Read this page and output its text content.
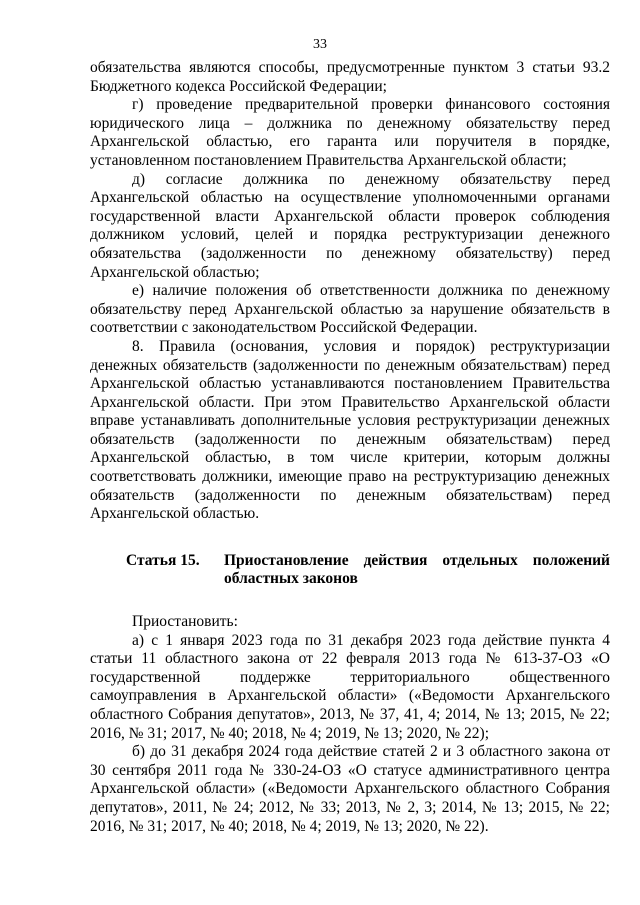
33

обязательства являются способы, предусмотренные пунктом 3 статьи 93.2 Бюджетного кодекса Российской Федерации;

г) проведение предварительной проверки финансового состояния юридического лица – должника по денежному обязательству перед Архангельской областью, его гаранта или поручителя в порядке, установленном постановлением Правительства Архангельской области;

д) согласие должника по денежному обязательству перед Архангельской областью на осуществление уполномоченными органами государственной власти Архангельской области проверок соблюдения должником условий, целей и порядка реструктуризации денежного обязательства (задолженности по денежному обязательству) перед Архангельской областью;

е) наличие положения об ответственности должника по денежному обязательству перед Архангельской областью за нарушение обязательств в соответствии с законодательством Российской Федерации.

8. Правила (основания, условия и порядок) реструктуризации денежных обязательств (задолженности по денежным обязательствам) перед Архангельской областью устанавливаются постановлением Правительства Архангельской области. При этом Правительство Архангельской области вправе устанавливать дополнительные условия реструктуризации денежных обязательств (задолженности по денежным обязательствам) перед Архангельской областью, в том числе критерии, которым должны соответствовать должники, имеющие право на реструктуризацию денежных обязательств (задолженности по денежным обязательствам) перед Архангельской областью.

Статья 15.	Приостановление действия отдельных положений областных законов

Приостановить:

а) с 1 января 2023 года по 31 декабря 2023 года действие пункта 4 статьи 11 областного закона от 22 февраля 2013 года № 613-37-ОЗ «О государственной поддержке территориального общественного самоуправления в Архангельской области» («Ведомости Архангельского областного Собрания депутатов», 2013, № 37, 41, 4; 2014, № 13; 2015, № 22; 2016, № 31; 2017, № 40; 2018, № 4; 2019, № 13; 2020, № 22);

б) до 31 декабря 2024 года действие статей 2 и 3 областного закона от 30 сентября 2011 года № 330-24-ОЗ «О статусе административного центра Архангельской области» («Ведомости Архангельского областного Собрания депутатов», 2011, № 24; 2012, № 33; 2013, № 2, 3; 2014, № 13; 2015, № 22; 2016, № 31; 2017, № 40; 2018, № 4; 2019, № 13; 2020, № 22).
